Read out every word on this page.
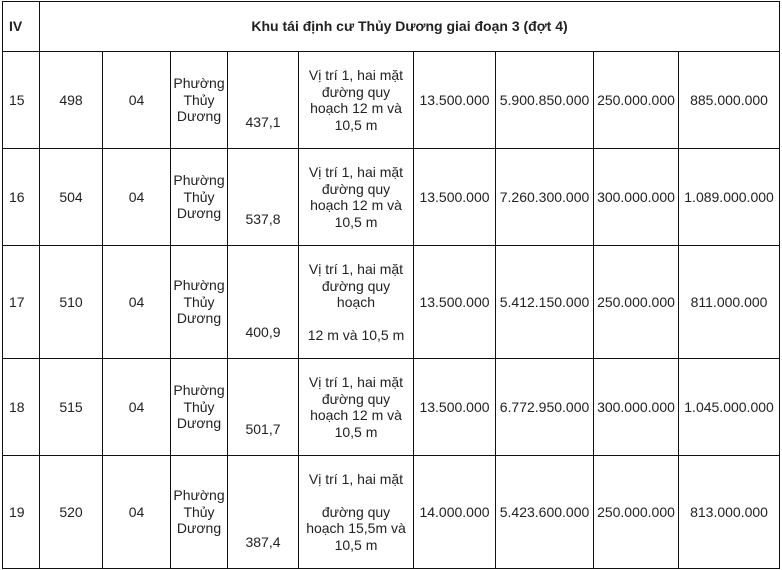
IV	Khu tái định cư Thủy Dương giai đoạn 3 (đợt 4)								
15	498	04	Phường
Thủy
Dương	437,1	Vị trí 1, hai mặt
đường quy
hoạch 12 m và
10,5 m	13.500.000	5.900.850.000	250.000.000	885.000.000
16	504	04	Phường
Thủy
Dương	537,8	Vị trí 1, hai mặt
đường quy
hoạch 12 m và
10,5 m	13.500.000	7.260.300.000	300.000.000	1.089.000.000
17	510	04	Phường
Thủy
Dương	400,9	Vị trí 1, hai mặt
đường quy
hoạch
12 m và 10,5 m	13.500.000	5.412.150.000	250.000.000	811.000.000
18	515	04	Phường
Thủy
Dương	501,7	Vị trí 1, hai mặt
đường quy
hoạch 12 m và
10,5 m	13.500.000	6.772.950.000	300.000.000	1.045.000.000
19	520	04	Phường
Thủy
Dương	387,4	Vị trí 1, hai mặt
đường quy
hoạch 15,5m và
10,5 m	14.000.000	5.423.600.000	250.000.000	813.000.000
